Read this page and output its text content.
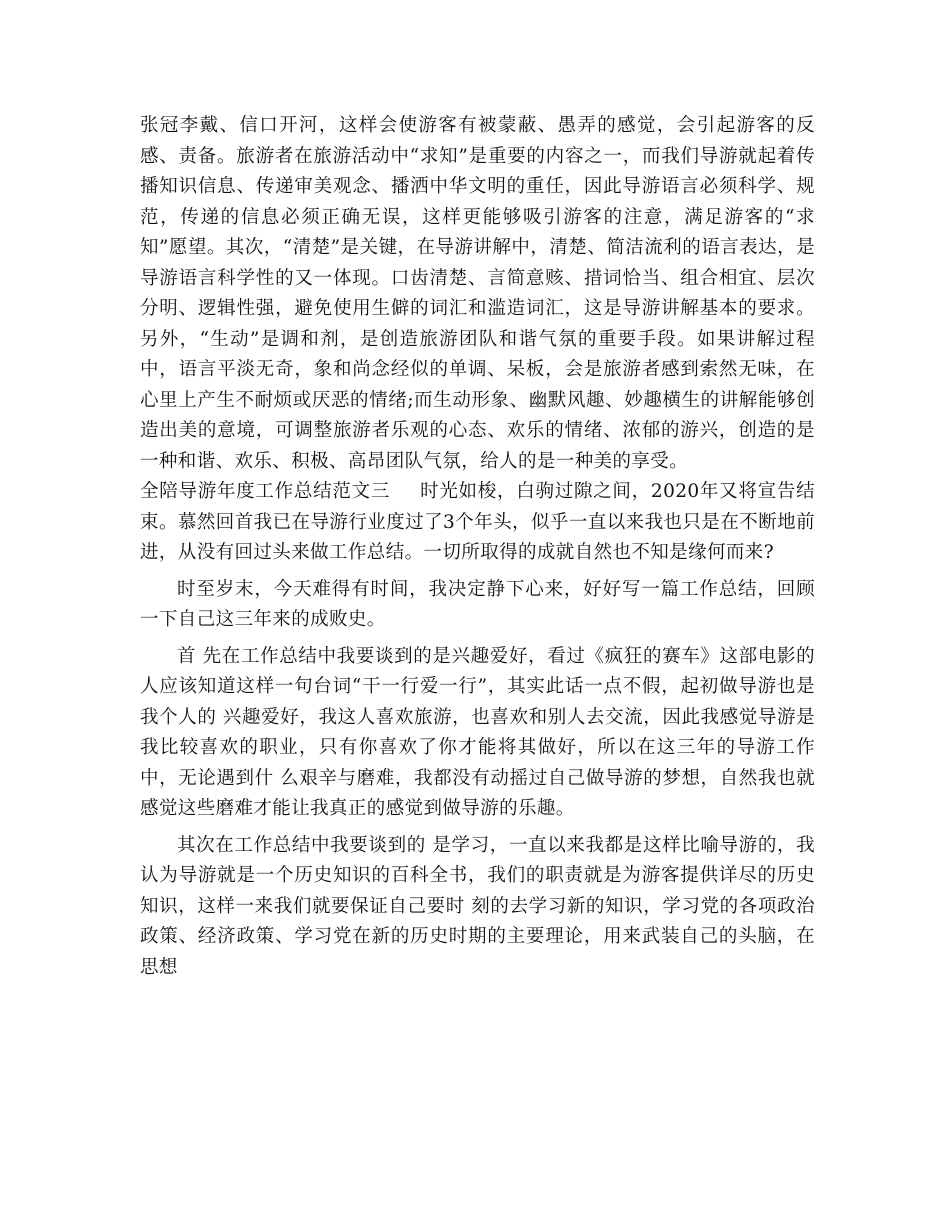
张冠李戴、信口开河，这样会使游客有被蒙蔽、愚弄的感觉，会引起游客的反感、责备。旅游者在旅游活动中“求知”是重要的内容之一，而我们导游就起着传播知识信息、传递审美观念、播洒中华文明的重任，因此导游语言必须科学、规范，传递的信息必须正确无误，这样更能够吸引游客的注意，满足游客的“求知”愿望。其次，“清楚”是关键，在导游讲解中，清楚、简洁流利的语言表达，是导游语言科学性的又一体现。口齿清楚、言简意赅、措词恰当、组合相宜、层次分明、逻辑性强，避免使用生僻的词汇和滥造词汇，这是导游讲解基本的要求。另外，“生动”是调和剂，是创造旅游团队和谐气氛的重要手段。如果讲解过程中，语言平淡无奇，象和尚念经似的单调、呆板，会是旅游者感到索然无味，在心里上产生不耐烦或厌恶的情绪;而生动形象、幽默风趣、妙趣横生的讲解能够创造出美的意境，可调整旅游者乐观的心态、欢乐的情绪、浓郁的游兴，创造的是一种和谐、欢乐、积极、高昂团队气氛，给人的是一种美的享受。

全陪导游年度工作总结范文三 时光如梭，白驹过隙之间，2020年又将宣告结束。慕然回首我已在导游行业度过了3个年头，似乎一直以来我也只是在不断地前进，从没有回过头来做工作总结。一切所取得的成就自然也不知是缘何而来?

时至岁末，今天难得有时间，我决定静下心来，好好写一篇工作总结，回顾一下自己这三年来的成败史。

首 先在工作总结中我要谈到的是兴趣爱好，看过《疯狂的赛车》这部电影的人应该知道这样一句台词“干一行爱一行”，其实此话一点不假，起初做导游也是我个人的 兴趣爱好，我这人喜欢旅游，也喜欢和别人去交流，因此我感觉导游是我比较喜欢的职业，只有你喜欢了你才能将其做好，所以在这三年的导游工作中，无论遇到什 么艰辛与磨难，我都没有动摇过自己做导游的梦想，自然我也就感觉这些磨难才能让我真正的感觉到做导游的乐趣。

其次在工作总结中我要谈到的 是学习，一直以来我都是这样比喻导游的，我认为导游就是一个历史知识的百科全书，我们的职责就是为游客提供详尽的历史知识，这样一来我们就要保证自己要时 刻的去学习新的知识，学习党的各项政治政策、经济政策、学习党在新的历史时期的主要理论，用来武装自己的头脑，在思想
